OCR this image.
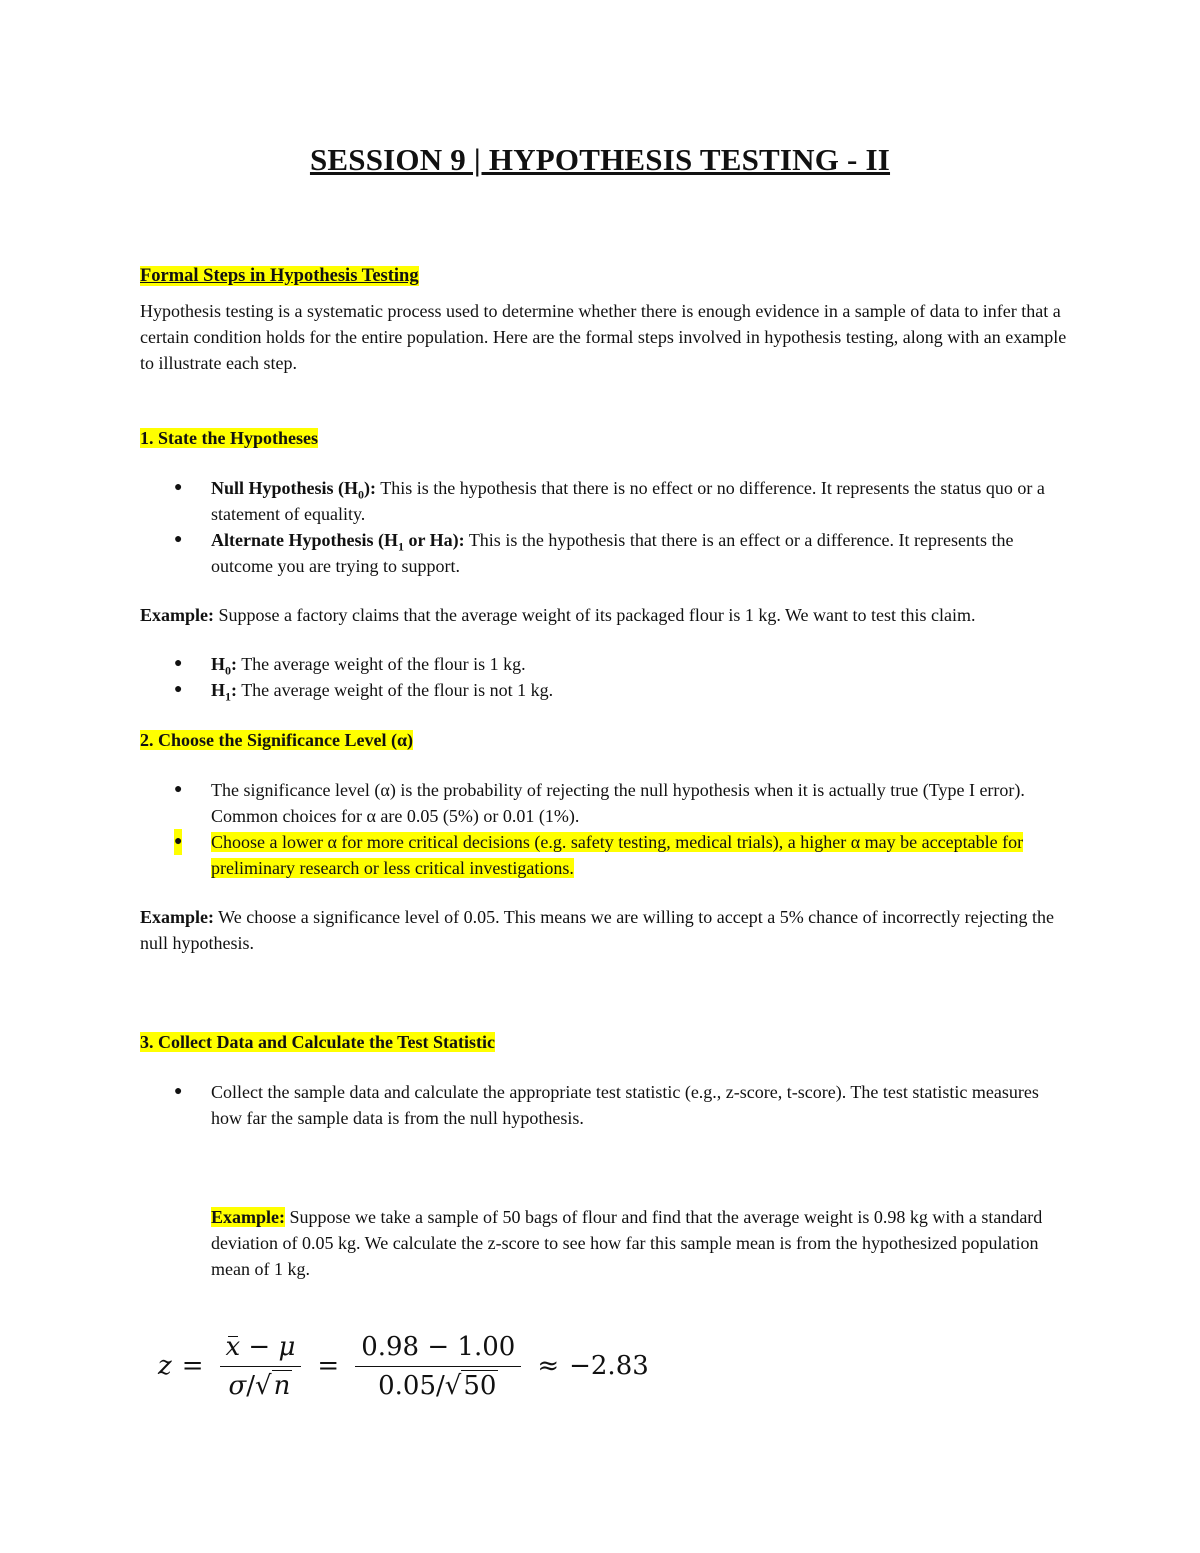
SESSION 9 | HYPOTHESIS TESTING - II
Formal Steps in Hypothesis Testing

Hypothesis testing is a systematic process used to determine whether there is enough evidence in a sample of data to infer that a certain condition holds for the entire population. Here are the formal steps involved in hypothesis testing, along with an example to illustrate each step.

1. State the Hypotheses
● Null Hypothesis $(H_0)$: This is the hypothesis that there is no effect or no difference. It represents the status quo or a statement of equality.
● Alternate Hypothesis ($H_1$ or Ha): This is the hypothesis that there is an effect or a difference. It represents the outcome you are trying to support.

Example: Suppose a factory claims that the average weight of its packaged flour is 1 kg. We want to test this claim.

● $H_0$: The average weight of the flour is 1 kg.
● $H_1$: The average weight of the flour is not 1 kg.
2. Choose the Significance Level (α)
● The significance level (α) is the probability of rejecting the null hypothesis when it is actually true (Type I error). Common choices for α are 0.05 (5%) or 0.01 (1%).
● Choose a lower α for more critical decisions (e.g. safety testing, medical trials), a higher α may be acceptable for preliminary research or less critical investigations.

Example: We choose a significance level of 0.05. This means we are willing to accept a 5% chance of incorrectly rejecting the null hypothesis.

3. Collect Data and Calculate the Test Statistic
● Collect the sample data and calculate the appropriate test statistic (e.g., z-score, t-score). The test statistic measures how far the sample data is from the null hypothesis.

Example: Suppose we take a sample of 50 bags of flour and find that the average weight is 0.98 kg with a standard deviation of 0.05 kg. We calculate the z-score to see how far this sample mean is from the hypothesized population mean of 1 kg.

$z = \frac{x - \mu}{\sigma/√n} = \frac{0.98 - 1.00}{0.05/√50} \approx -2.83$
